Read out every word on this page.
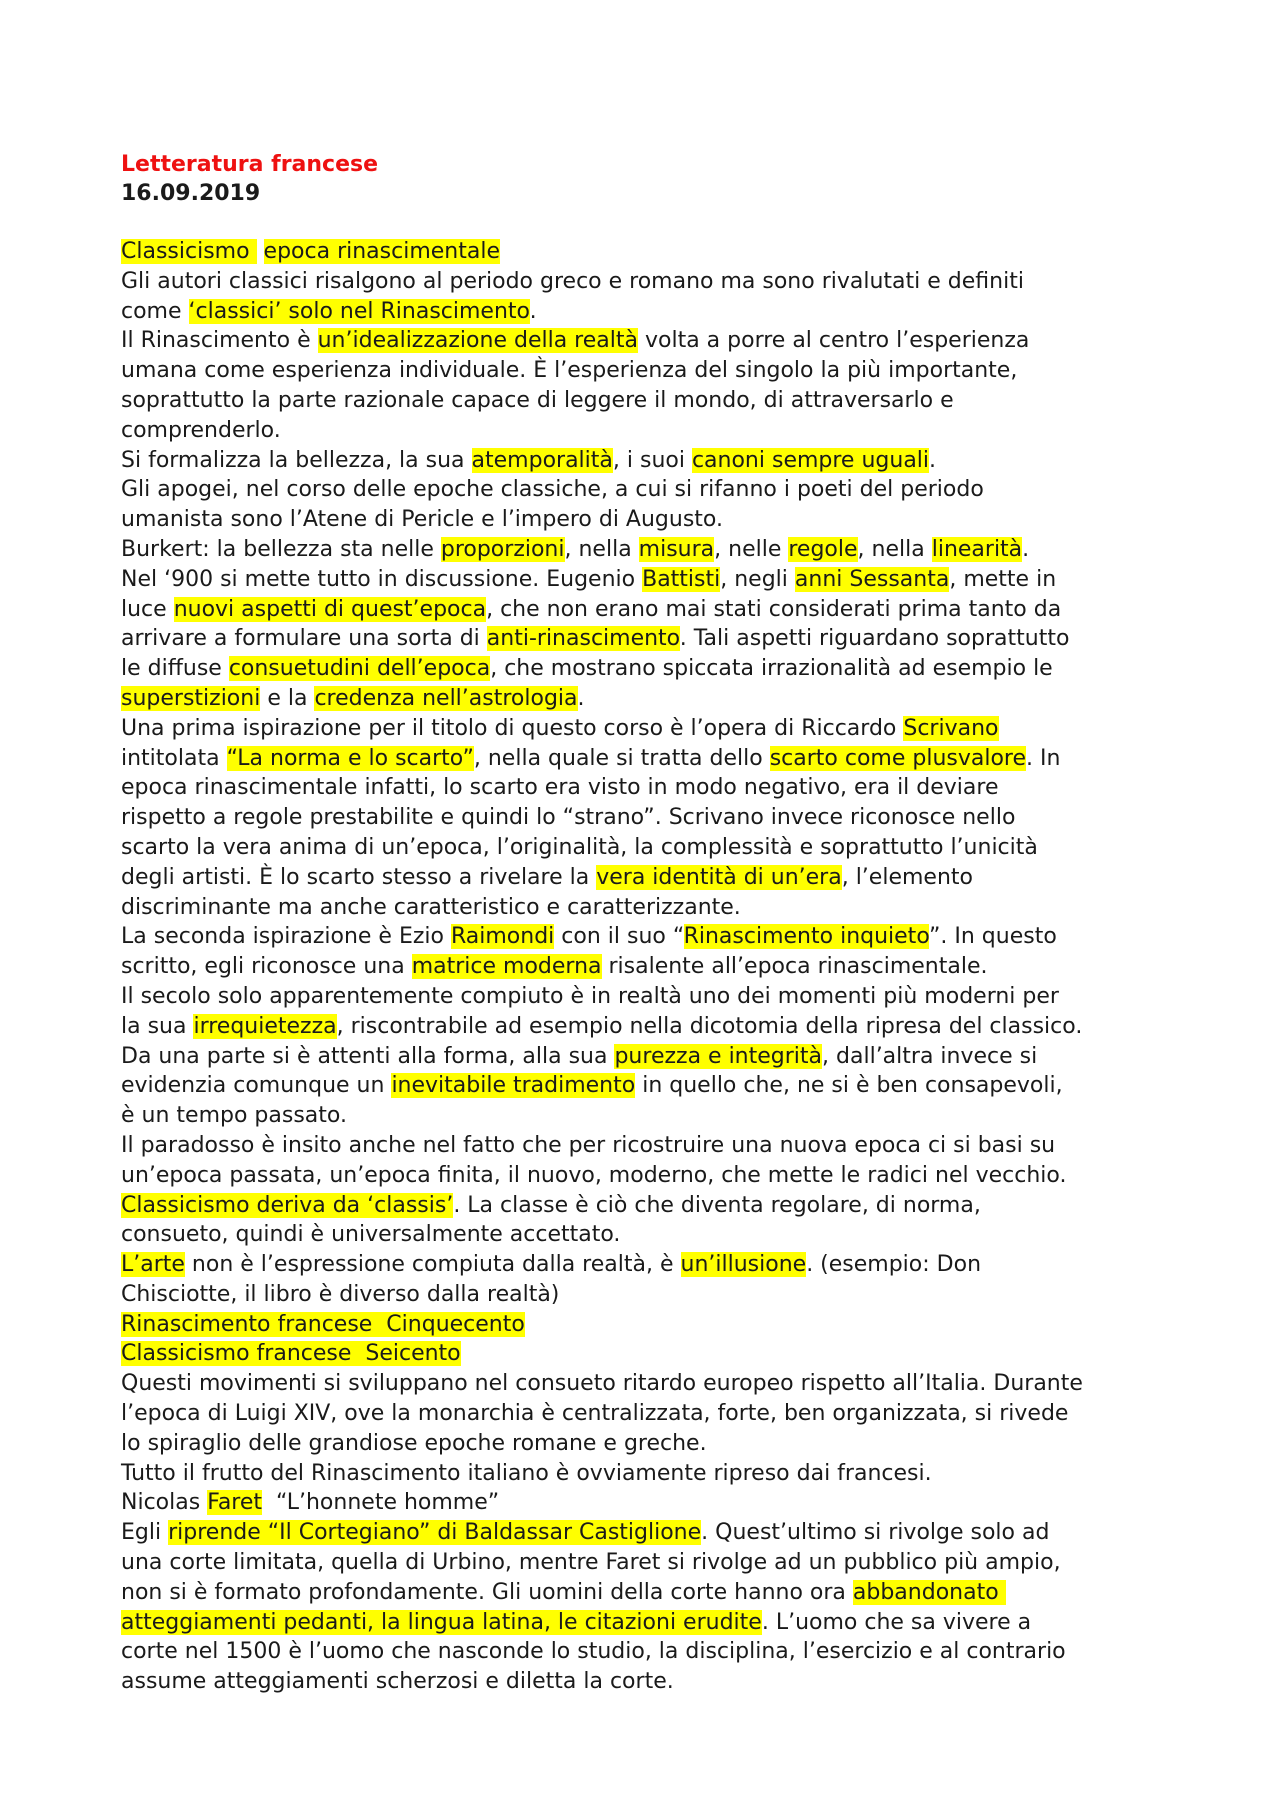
Letteratura francese
16.09.2019
Classicismo  epoca rinascimentale
Gli autori classici risalgono al periodo greco e romano ma sono rivalutati e definiti
come ‘classici’ solo nel Rinascimento.
Il Rinascimento è un’idealizzazione della realtà volta a porre al centro l’esperienza
umana come esperienza individuale. È l’esperienza del singolo la più importante,
soprattutto la parte razionale capace di leggere il mondo, di attraversarlo e
comprenderlo.
Si formalizza la bellezza, la sua atemporalità, i suoi canoni sempre uguali.
Gli apogei, nel corso delle epoche classiche, a cui si rifanno i poeti del periodo
umanista sono l’Atene di Pericle e l’impero di Augusto.
Burkert: la bellezza sta nelle proporzioni, nella misura, nelle regole, nella linearità.
Nel ‘900 si mette tutto in discussione. Eugenio Battisti, negli anni Sessanta, mette in
luce nuovi aspetti di quest’epoca, che non erano mai stati considerati prima tanto da
arrivare a formulare una sorta di anti-rinascimento. Tali aspetti riguardano soprattutto
le diffuse consuetudini dell’epoca, che mostrano spiccata irrazionalità ad esempio le
superstizioni e la credenza nell’astrologia.
Una prima ispirazione per il titolo di questo corso è l’opera di Riccardo Scrivano
intitolata “La norma e lo scarto”, nella quale si tratta dello scarto come plusvalore. In
epoca rinascimentale infatti, lo scarto era visto in modo negativo, era il deviare
rispetto a regole prestabilite e quindi lo “strano”. Scrivano invece riconosce nello
scarto la vera anima di un’epoca, l’originalità, la complessità e soprattutto l’unicità
degli artisti. È lo scarto stesso a rivelare la vera identità di un’era, l’elemento
discriminante ma anche caratteristico e caratterizzante.
La seconda ispirazione è Ezio Raimondi con il suo “Rinascimento inquieto”. In questo
scritto, egli riconosce una matrice moderna risalente all’epoca rinascimentale.
Il secolo solo apparentemente compiuto è in realtà uno dei momenti più moderni per
la sua irrequietezza, riscontrabile ad esempio nella dicotomia della ripresa del classico.
Da una parte si è attenti alla forma, alla sua purezza e integrità, dall’altra invece si
evidenzia comunque un inevitabile tradimento in quello che, ne si è ben consapevoli,
è un tempo passato.
Il paradosso è insito anche nel fatto che per ricostruire una nuova epoca ci si basi su
un’epoca passata, un’epoca finita, il nuovo, moderno, che mette le radici nel vecchio.
Classicismo deriva da ‘classis’. La classe è ciò che diventa regolare, di norma,
consueto, quindi è universalmente accettato.
L’arte non è l’espressione compiuta dalla realtà, è un’illusione. (esempio: Don
Chisciotte, il libro è diverso dalla realtà)
Rinascimento francese  Cinquecento
Classicismo francese  Seicento
Questi movimenti si sviluppano nel consueto ritardo europeo rispetto all’Italia. Durante
l’epoca di Luigi XIV, ove la monarchia è centralizzata, forte, ben organizzata, si rivede
lo spiraglio delle grandiose epoche romane e greche.
Tutto il frutto del Rinascimento italiano è ovviamente ripreso dai francesi.
Nicolas Faret  “L’honnete homme”
Egli riprende “Il Cortegiano” di Baldassar Castiglione. Quest’ultimo si rivolge solo ad
una corte limitata, quella di Urbino, mentre Faret si rivolge ad un pubblico più ampio,
non si è formato profondamente. Gli uomini della corte hanno ora abbandonato
atteggiamenti pedanti, la lingua latina, le citazioni erudite. L’uomo che sa vivere a
corte nel 1500 è l’uomo che nasconde lo studio, la disciplina, l’esercizio e al contrario
assume atteggiamenti scherzosi e diletta la corte.
